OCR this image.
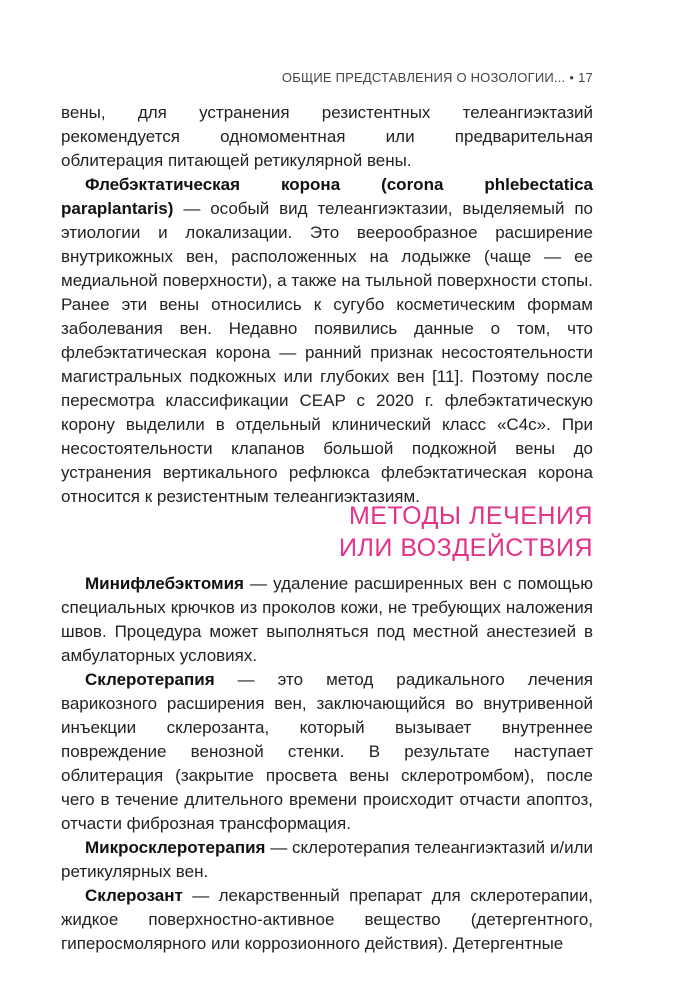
ОБЩИЕ ПРЕДСТАВЛЕНИЯ О НОЗОЛОГИИ... • 17

вены, для устранения резистентных телеангиэктазий рекомендуется одномоментная или предварительная облитерация питающей ретикулярной вены.

Флебэктатическая корона (corona phlebectatica paraplantaris) — особый вид телеангиэктазии, выделяемый по этиологии и локализации. Это веерообразное расширение внутрикожных вен, расположенных на лодыжке (чаще — ее медиальной поверхности), а также на тыльной поверхности стопы. Ранее эти вены относились к сугубо косметическим формам заболевания вен. Недавно появились данные о том, что флебэктатическая корона — ранний признак несостоятельности магистральных подкожных или глубоких вен [11]. Поэтому после пересмотра классификации CEAP с 2020 г. флебэктатическую корону выделили в отдельный клинический класс «С4с». При несостоятельности клапанов большой подкожной вены до устранения вертикального рефлюкса флебэктатическая корона относится к резистентным телеангиэктазиям.

МЕТОДЫ ЛЕЧЕНИЯ
ИЛИ ВОЗДЕЙСТВИЯ

Минифлебэктомия — удаление расширенных вен с помощью специальных крючков из проколов кожи, не требующих наложения швов. Процедура может выполняться под местной анестезией в амбулаторных условиях.

Склеротерапия — это метод радикального лечения варикозного расширения вен, заключающийся во внутривенной инъекции склерозанта, который вызывает внутреннее повреждение венозной стенки. В результате наступает облитерация (закрытие просвета вены склеротромбом), после чего в течение длительного времени происходит отчасти апоптоз, отчасти фиброзная трансформация.

Микросклеротерапия — склеротерапия телеангиэктазий и/или ретикулярных вен.

Склерозант — лекарственный препарат для склеротерапии, жидкое поверхностно-активное вещество (детергентного, гиперосмолярного или коррозионного действия). Детергентные
